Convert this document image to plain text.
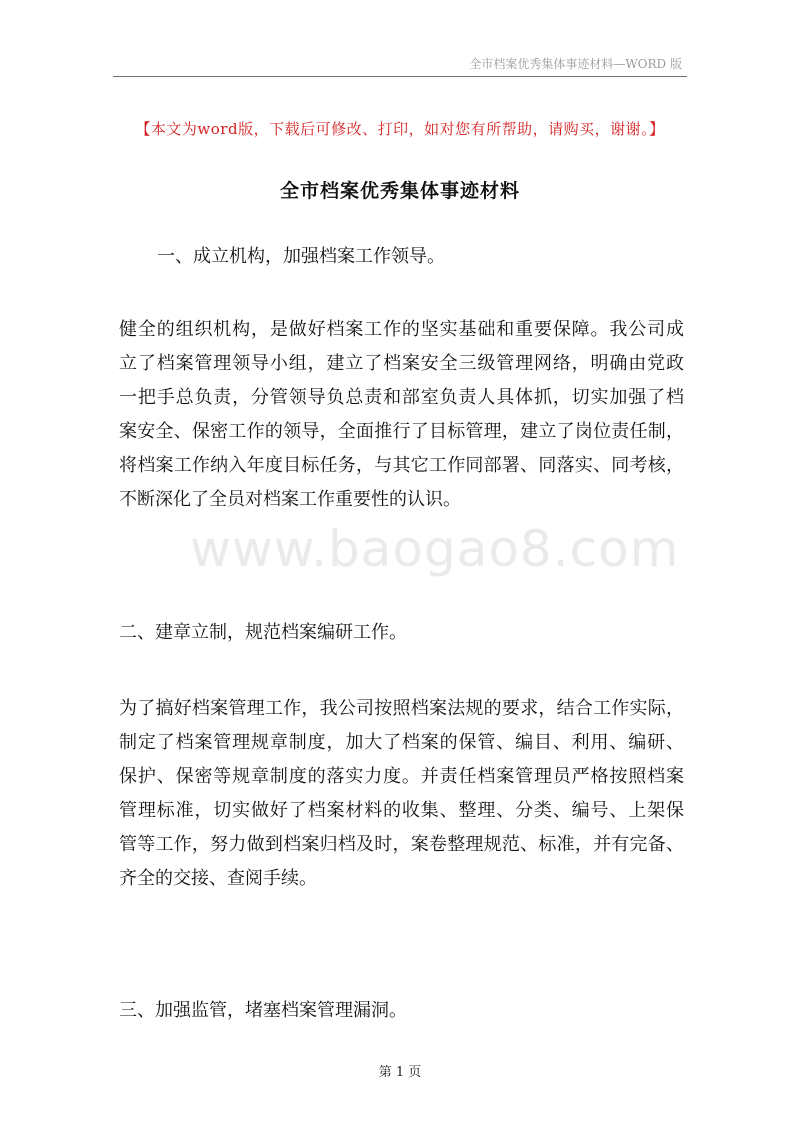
全市档案优秀集体事迹材料—WORD 版
【本文为word版，下载后可修改、打印，如对您有所帮助，请购买，谢谢。】
全市档案优秀集体事迹材料
一、成立机构，加强档案工作领导。
健全的组织机构，是做好档案工作的坚实基础和重要保障。我公司成
立了档案管理领导小组，建立了档案安全三级管理网络，明确由党政
一把手总负责，分管领导负总责和部室负责人具体抓，切实加强了档
案安全、保密工作的领导，全面推行了目标管理，建立了岗位责任制，
将档案工作纳入年度目标任务，与其它工作同部署、同落实、同考核，
不断深化了全员对档案工作重要性的认识。
二、建章立制，规范档案编研工作。
为了搞好档案管理工作，我公司按照档案法规的要求，结合工作实际，
制定了档案管理规章制度，加大了档案的保管、编目、利用、编研、
保护、保密等规章制度的落实力度。并责任档案管理员严格按照档案
管理标准，切实做好了档案材料的收集、整理、分类、编号、上架保
管等工作，努力做到档案归档及时，案卷整理规范、标准，并有完备、
齐全的交接、查阅手续。
三、加强监管，堵塞档案管理漏洞。
www.baogao8.com
第 1 页
